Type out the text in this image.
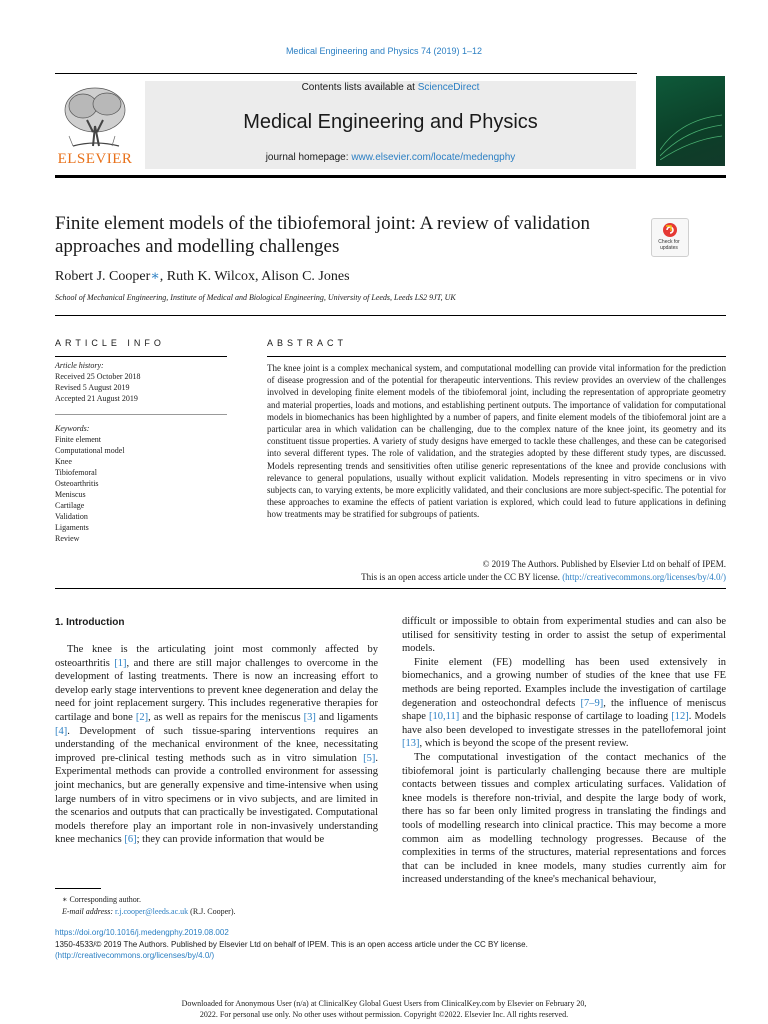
Medical Engineering and Physics 74 (2019) 1–12
Contents lists available at ScienceDirect
Medical Engineering and Physics
journal homepage: www.elsevier.com/locate/medengphy
ELSEVIER
Finite element models of the tibiofemoral joint: A review of validation approaches and modelling challenges	Check for updates
Robert J. Cooper∗, Ruth K. Wilcox, Alison C. Jones
School of Mechanical Engineering, Institute of Medical and Biological Engineering, University of Leeds, Leeds LS2 9JT, UK
ARTICLE INFO	ABSTRACT
Article history:
Received 25 October 2018
Revised 5 August 2019
Accepted 21 August 2019
Keywords:
Finite element
Computational model
Knee
Tibiofemoral
Osteoarthritis
Meniscus
Cartilage
Validation
Ligaments
Review
The knee joint is a complex mechanical system, and computational modelling can provide vital information for the prediction of disease progression and of the potential for therapeutic interventions. This review provides an overview of the challenges involved in developing finite element models of the tibiofemoral joint, including the representation of appropriate geometry and material properties, loads and motions, and establishing pertinent outputs. The importance of validation for computational models in biomechanics has been highlighted by a number of papers, and finite element models of the tibiofemoral joint are a particular area in which validation can be challenging, due to the complex nature of the knee joint, its geometry and its constituent tissue properties. A variety of study designs have emerged to tackle these challenges, and these can be categorised into several different types. The role of validation, and the strategies adopted by these different study types, are discussed. Models representing trends and sensitivities often utilise generic representations of the knee and provide conclusions with relevance to general populations, usually without explicit validation. Models representing in vitro specimens or in vivo subjects can, to varying extents, be more explicitly validated, and their conclusions are more subject-specific. The potential for these approaches to examine the effects of patient variation is explored, which could lead to future applications in defining how treatments may be stratified for subgroups of patients.
© 2019 The Authors. Published by Elsevier Ltd on behalf of IPEM.
This is an open access article under the CC BY license. (http://creativecommons.org/licenses/by/4.0/)
1. Introduction

The knee is the articulating joint most commonly affected by osteoarthritis [1], and there are still major challenges to overcome in the development of lasting treatments. There is now an increasing effort to develop early stage interventions to prevent knee degeneration and delay the need for joint replacement surgery. This includes regenerative therapies for cartilage and bone [2], as well as repairs for the meniscus [3] and ligaments [4]. Development of such tissue-sparing interventions requires an understanding of the mechanical environment of the knee, necessitating improved pre-clinical testing methods such as in vitro simulation [5]. Experimental methods can provide a controlled environment for assessing joint mechanics, but are generally expensive and time-intensive when using large numbers of in vitro specimens or in vivo subjects, and are limited in the scenarios and outputs that can practically be investigated. Computational models therefore play an important role in non-invasively understanding knee mechanics [6]; they can provide information that would be

difficult or impossible to obtain from experimental studies and can also be utilised for sensitivity testing in order to assist the setup of experimental models.

Finite element (FE) modelling has been used extensively in biomechanics, and a growing number of studies of the knee that use FE methods are being reported. Examples include the investigation of cartilage degeneration and osteochondral defects [7–9], the influence of meniscus shape [10,11] and the biphasic response of cartilage to loading [12]. Models have also been developed to investigate stresses in the patellofemoral joint [13], which is beyond the scope of the present review.

The computational investigation of the contact mechanics of the tibiofemoral joint is particularly challenging because there are multiple contacts between tissues and complex articulating surfaces. Validation of knee models is therefore non-trivial, and despite the large body of work, there has so far been only limited progress in translating the findings and tools of modelling research into clinical practice. This may become a more common aim as modelling technology progresses. Because of the complexities in terms of the structures, material representations and forces that can be included in knee models, many studies currently aim for increased understanding of the knee's mechanical behaviour,

∗ Corresponding author.
E-mail address: r.j.cooper@leeds.ac.uk (R.J. Cooper).
https://doi.org/10.1016/j.medengphy.2019.08.002
1350-4533/© 2019 The Authors. Published by Elsevier Ltd on behalf of IPEM. This is an open access article under the CC BY license.
(http://creativecommons.org/licenses/by/4.0/)
Downloaded for Anonymous User (n/a) at ClinicalKey Global Guest Users from ClinicalKey.com by Elsevier on February 20,
2022. For personal use only. No other uses without permission. Copyright ©2022. Elsevier Inc. All rights reserved.
